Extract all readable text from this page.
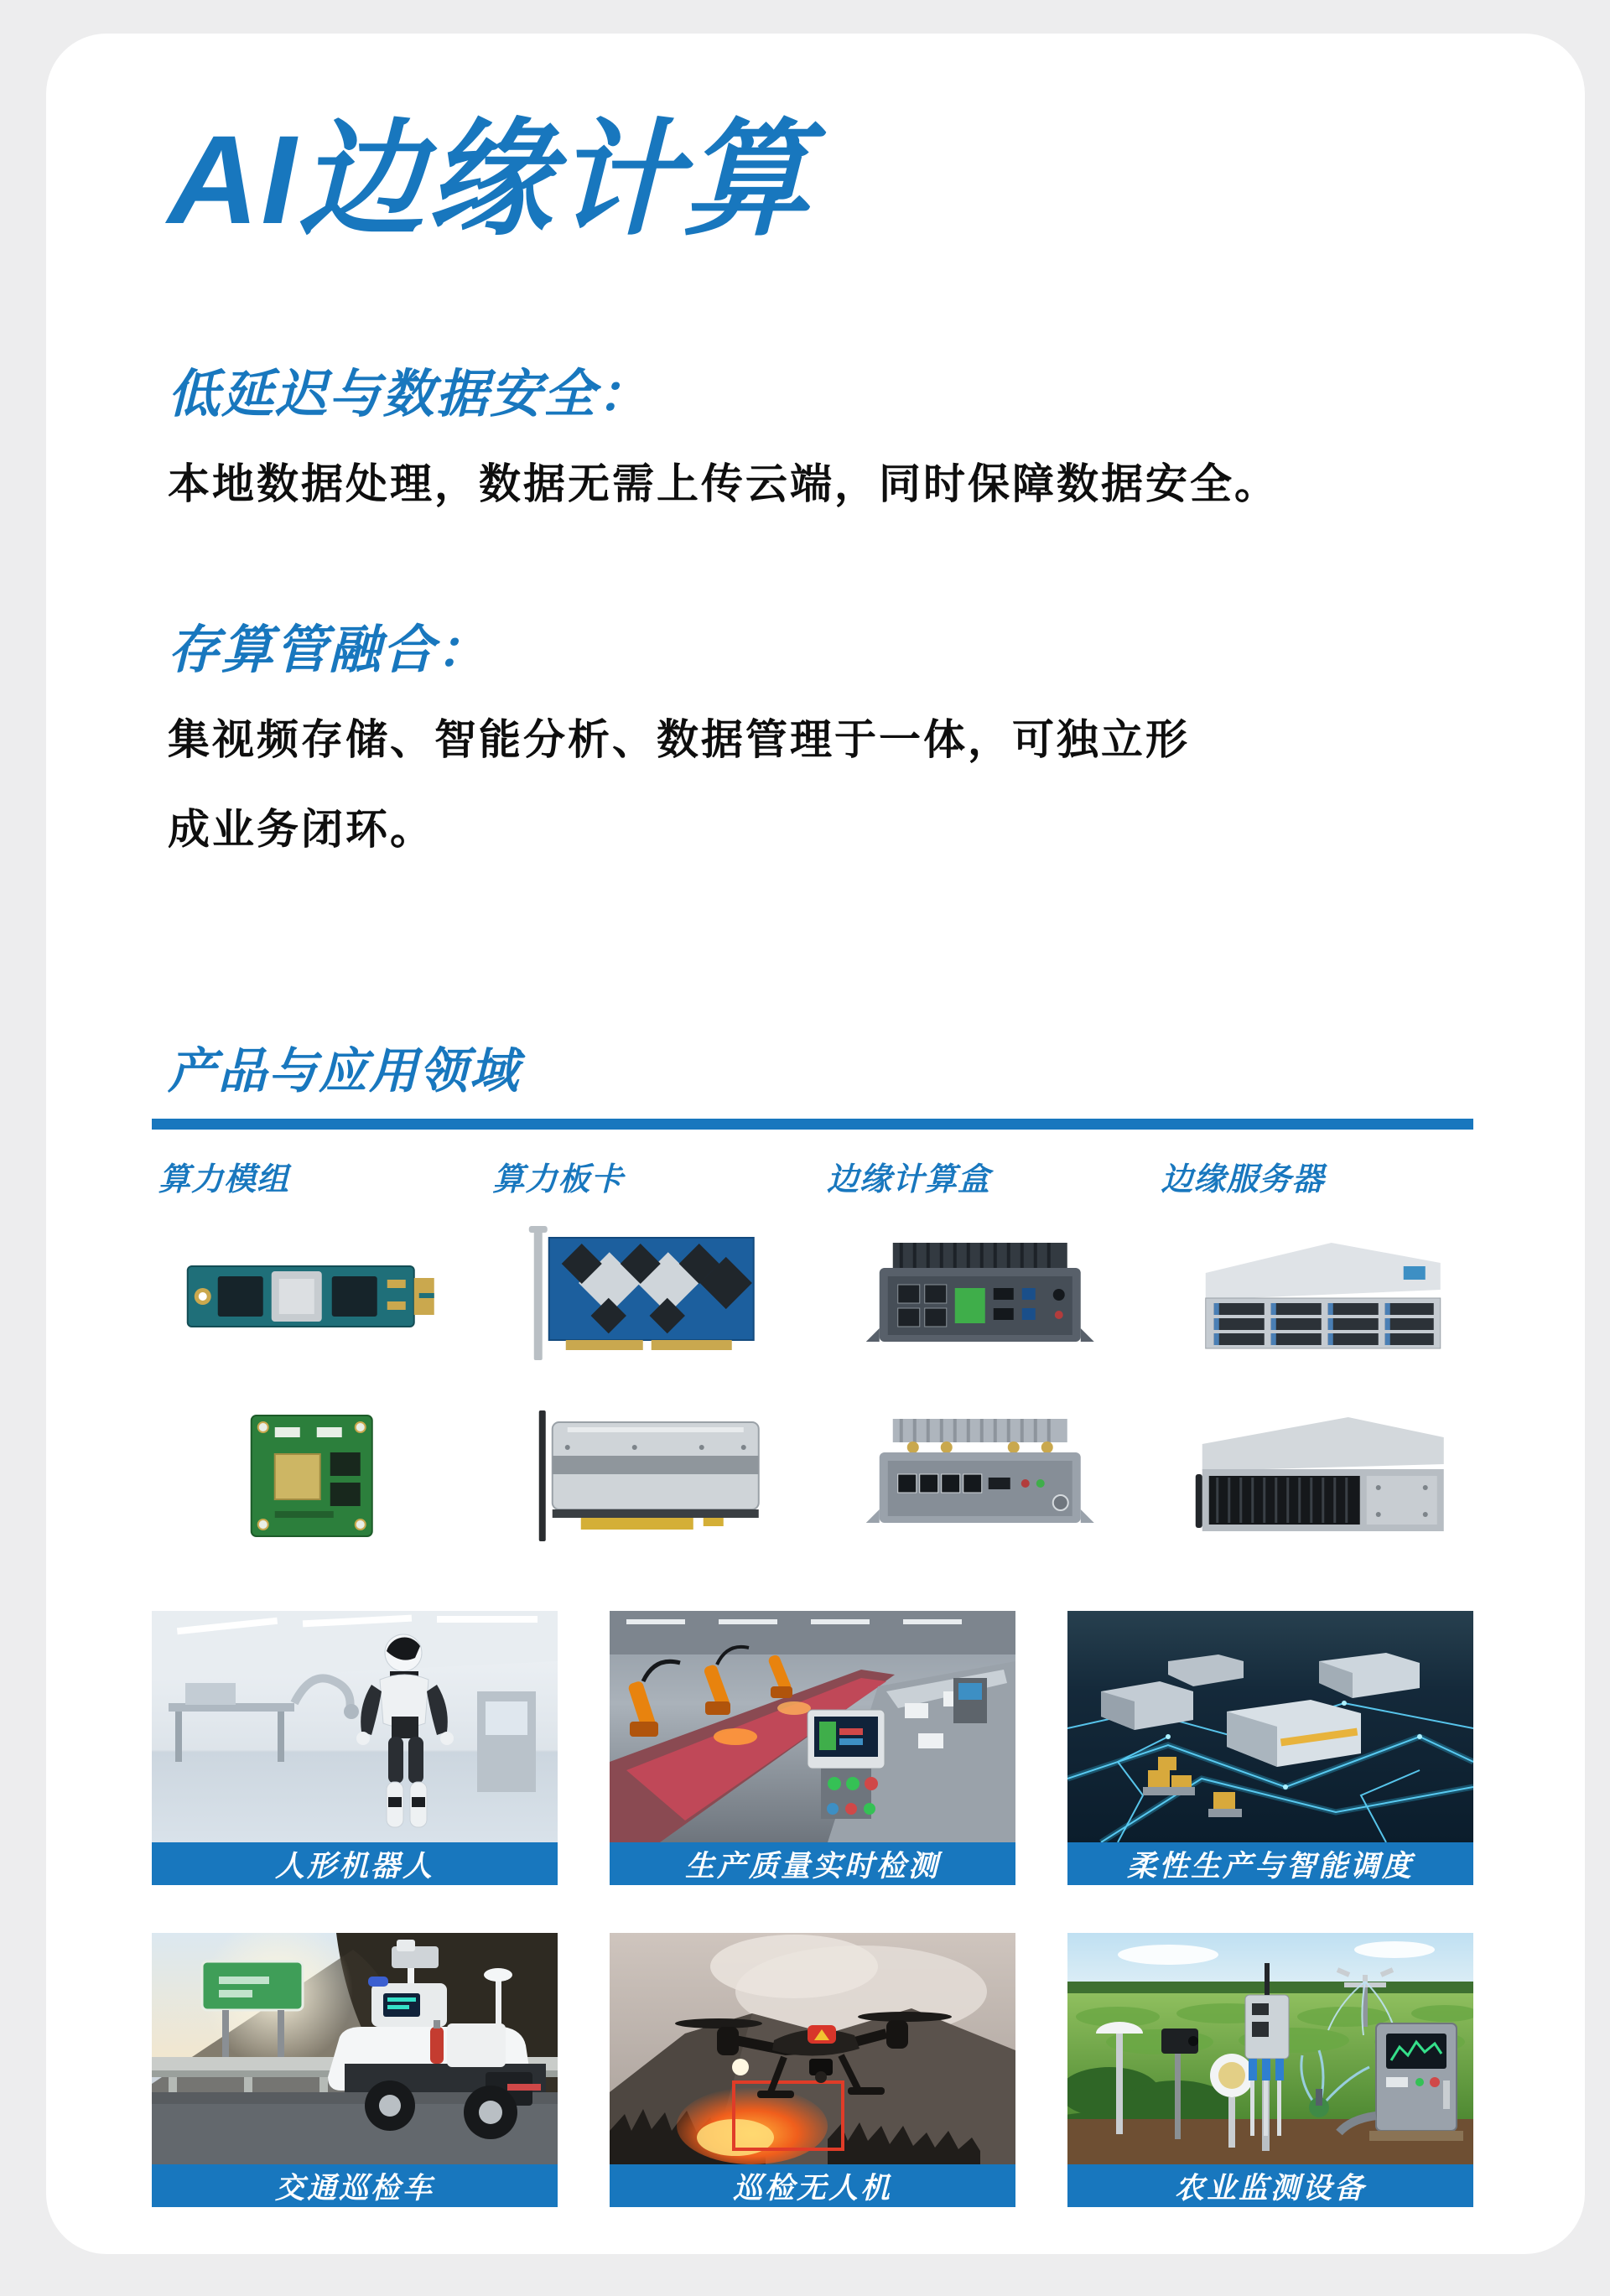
AI边缘计算
低延迟与数据安全：
本地数据处理，数据无需上传云端，同时保障数据安全。
存算管融合：
集视频存储、智能分析、数据管理于一体，可独立形
成业务闭环。
产品与应用领域
算力模组	算力板卡	边缘计算盒	边缘服务器
人形机器人	生产质量实时检测	柔性生产与智能调度
交通巡检车	巡检无人机	农业监测设备
